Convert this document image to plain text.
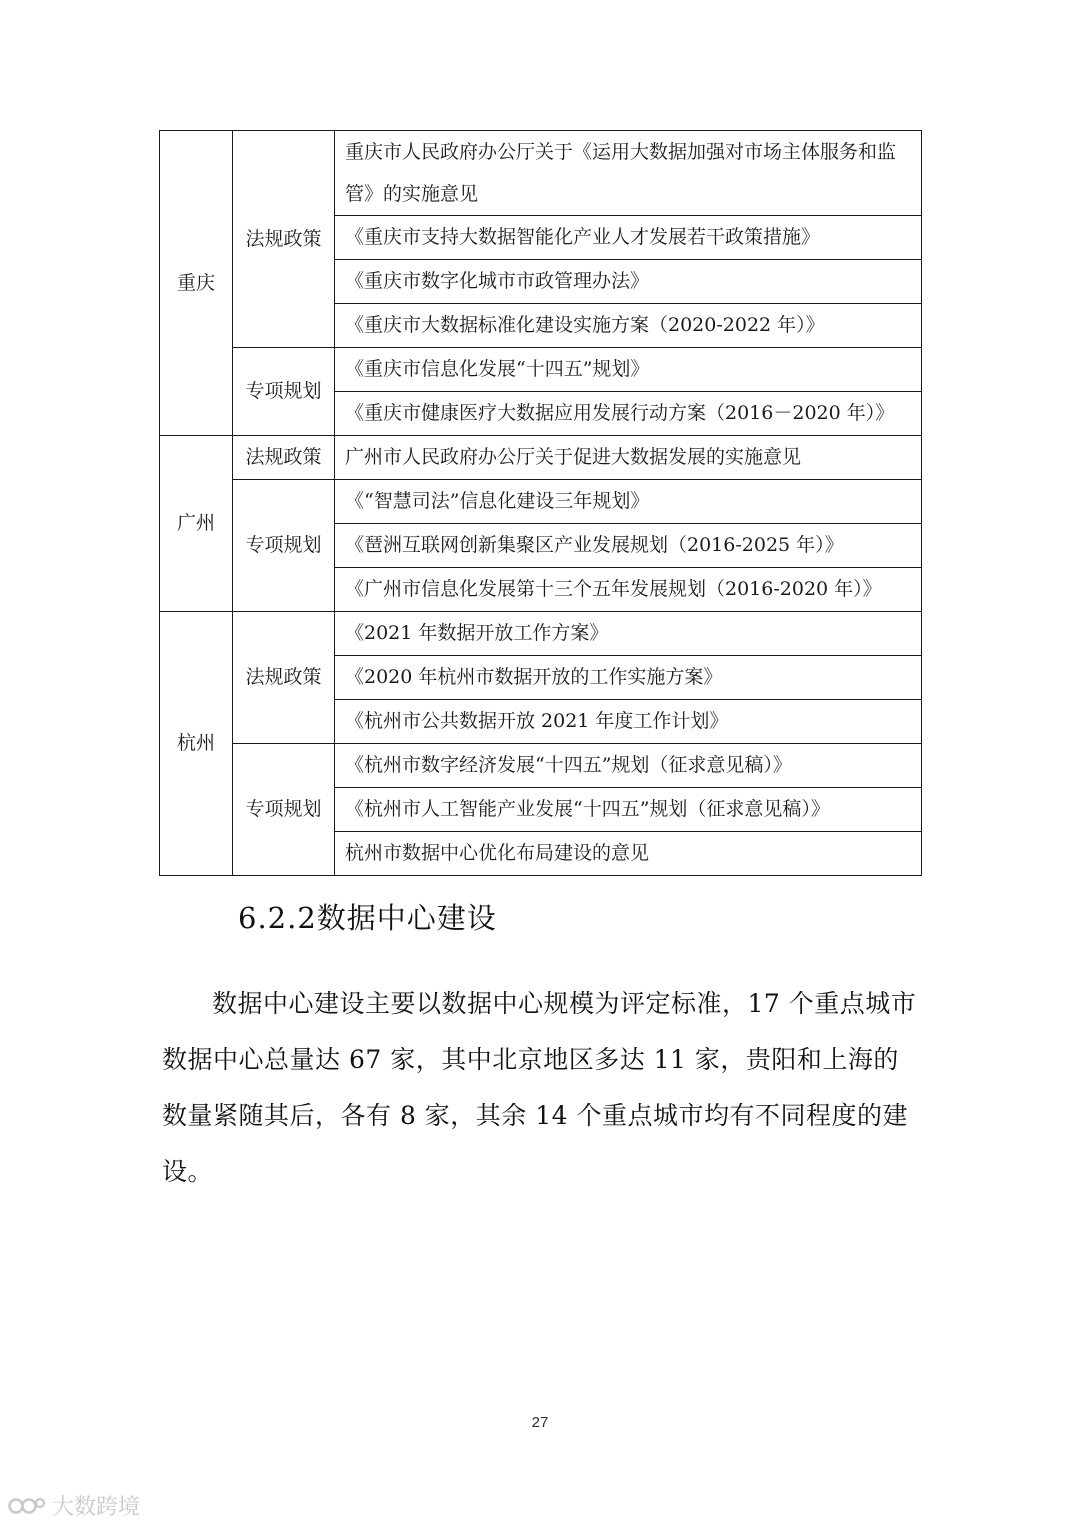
重庆	法规政策	重庆市人民政府办公厅关于《运用大数据加强对市场主体服务和监管》的实施意见
		《重庆市支持大数据智能化产业人才发展若干政策措施》
		《重庆市数字化城市市政管理办法》
		《重庆市大数据标准化建设实施方案（2020-2022 年）》
	专项规划	《重庆市信息化发展“十四五”规划》
		《重庆市健康医疗大数据应用发展行动方案（2016－2020 年）》
广州	法规政策	广州市人民政府办公厅关于促进大数据发展的实施意见
	专项规划	《“智慧司法”信息化建设三年规划》
		《琶洲互联网创新集聚区产业发展规划（2016-2025 年）》
		《广州市信息化发展第十三个五年发展规划（2016-2020 年）》
杭州	法规政策	《2021 年数据开放工作方案》
		《2020 年杭州市数据开放的工作实施方案》
		《杭州市公共数据开放 2021 年度工作计划》
	专项规划	《杭州市数字经济发展“十四五”规划（征求意见稿）》
		《杭州市人工智能产业发展“十四五”规划（征求意见稿）》
		杭州市数据中心优化布局建设的意见
6.2.2数据中心建设

数据中心建设主要以数据中心规模为评定标准，17 个重点城市数据中心总量达 67 家，其中北京地区多达 11 家，贵阳和上海的数量紧随其后，各有 8 家，其余 14 个重点城市均有不同程度的建设。

27
大数跨境
